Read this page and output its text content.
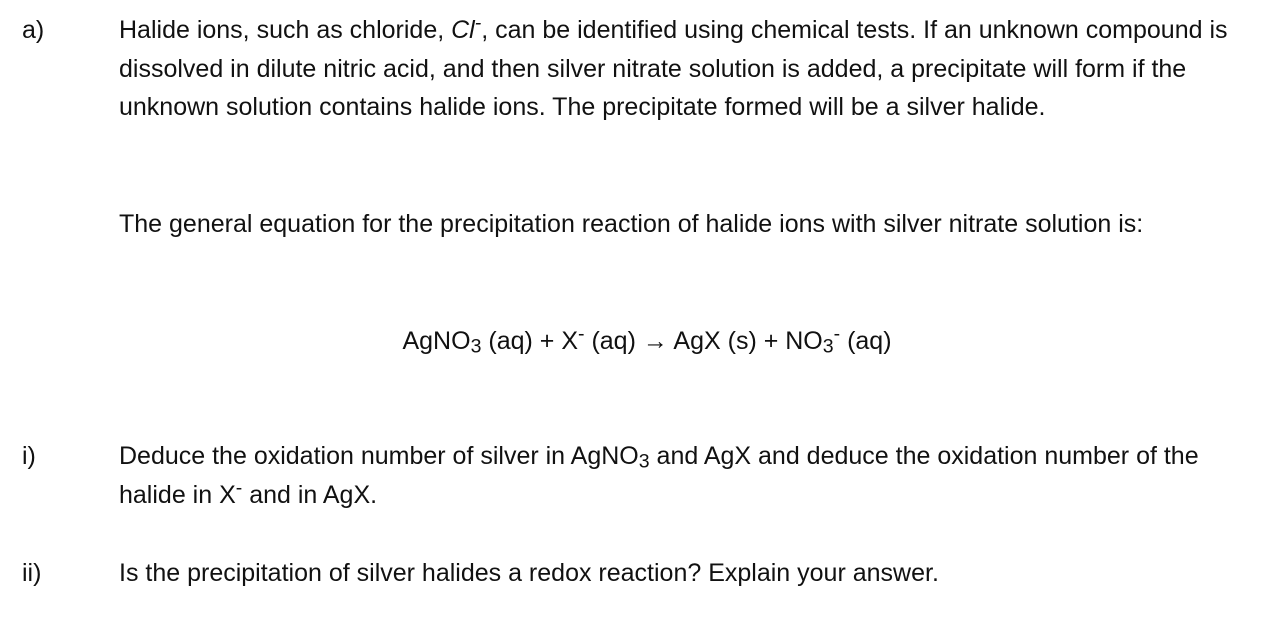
a)	Halide ions, such as chloride, Cl-, can be identified using chemical tests. If an unknown compound is dissolved in dilute nitric acid, and then silver nitrate solution is added, a precipitate will form if the unknown solution contains halide ions. The precipitate formed will be a silver halide.
The general equation for the precipitation reaction of halide ions with silver nitrate solution is:
AgNO$_3$ (aq) + X- (aq) → AgX $(s) + NO_3^-$ (aq)
i)	Deduce the oxidation number of silver in AgNO$_3$ and AgX and deduce the oxidation number of the halide in X- and in AgX.
ii)	Is the precipitation of silver halides a redox reaction? Explain your answer.
